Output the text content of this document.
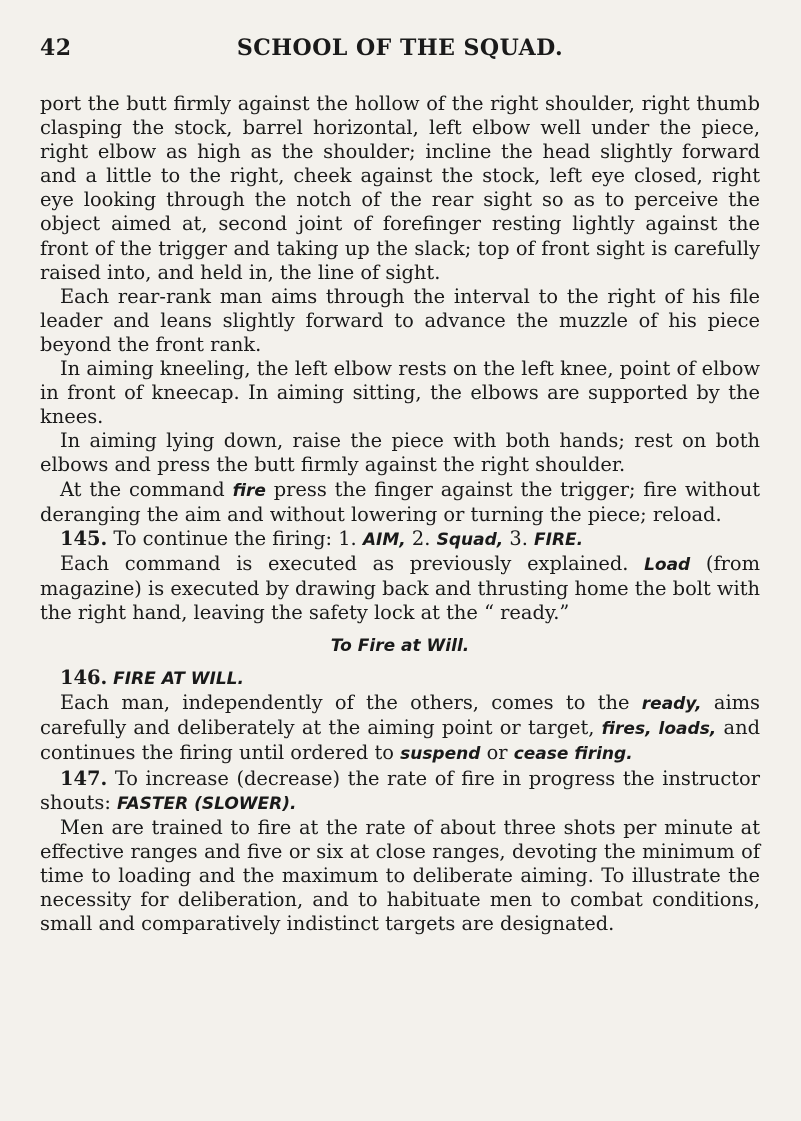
42	SCHOOL OF THE SQUAD.

port the butt firmly against the hollow of the right shoulder, right thumb clasping the stock, barrel horizontal, left elbow well under the piece, right elbow as high as the shoulder; incline the head slightly forward and a little to the right, cheek against the stock, left eye closed, right eye looking through the notch of the rear sight so as to perceive the object aimed at, second joint of forefinger resting lightly against the front of the trigger and taking up the slack; top of front sight is carefully raised into, and held in, the line of sight.

Each rear-rank man aims through the interval to the right of his file leader and leans slightly forward to advance the muzzle of his piece beyond the front rank.

In aiming kneeling, the left elbow rests on the left knee, point of elbow in front of kneecap. In aiming sitting, the elbows are supported by the knees.

In aiming lying down, raise the piece with both hands; rest on both elbows and press the butt firmly against the right shoulder.

At the command fire press the finger against the trigger; fire without deranging the aim and without lowering or turning the piece; reload.

145. To continue the firing: 1. AIM, 2. Squad, 3. FIRE.

Each command is executed as previously explained. Load (from magazine) is executed by drawing back and thrusting home the bolt with the right hand, leaving the safety lock at the “ ready.”

To Fire at Will.

146. FIRE AT WILL.

Each man, independently of the others, comes to the ready, aims carefully and deliberately at the aiming point or target, fires, loads, and continues the firing until ordered to suspend or cease firing.

147. To increase (decrease) the rate of fire in progress the instructor shouts: FASTER (SLOWER).

Men are trained to fire at the rate of about three shots per minute at effective ranges and five or six at close ranges, devoting the minimum of time to loading and the maximum to deliberate aiming. To illustrate the necessity for deliberation, and to habituate men to combat conditions, small and comparatively indistinct targets are designated.
